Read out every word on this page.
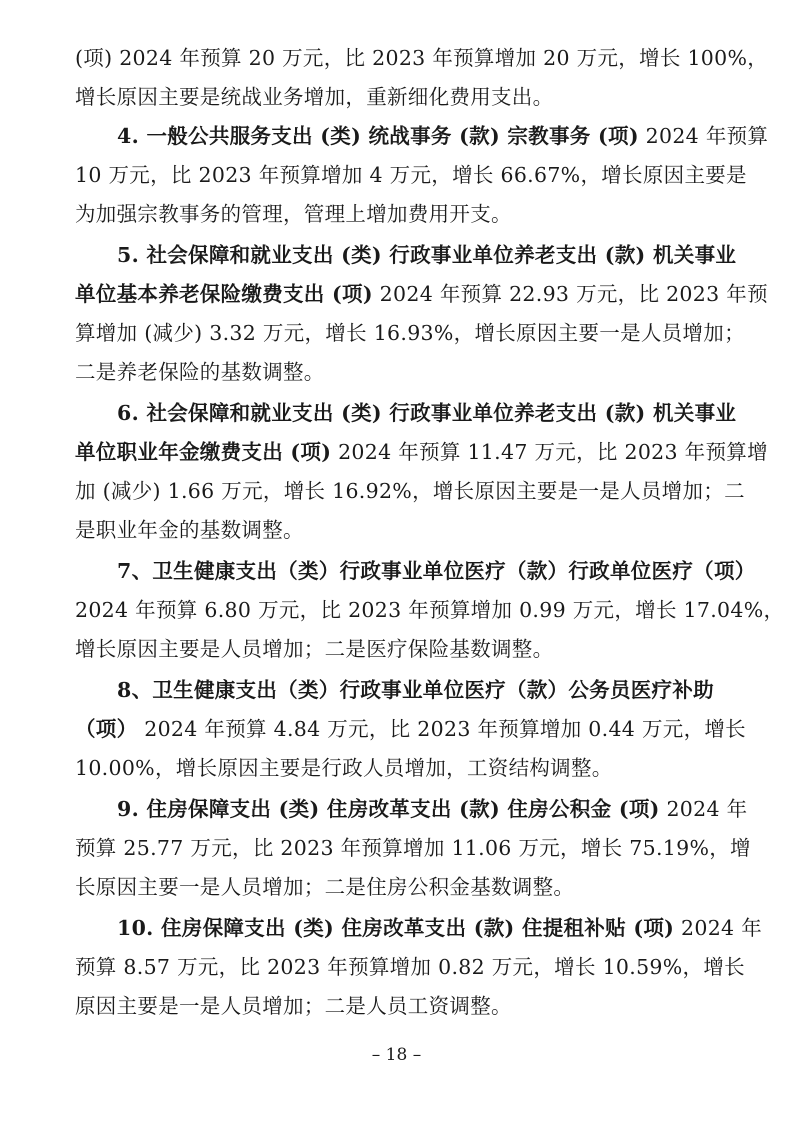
(项) 2024 年预算 20 万元，比 2023 年预算增加 20 万元，增长 100%，
增长原因主要是统战业务增加，重新细化费用支出。
4. 一般公共服务支出 (类) 统战事务 (款) 宗教事务 (项) 2024 年预算
10 万元，比 2023 年预算增加 4 万元，增长 66.67%，增长原因主要是
为加强宗教事务的管理，管理上增加费用开支。
5. 社会保障和就业支出 (类) 行政事业单位养老支出 (款) 机关事业
单位基本养老保险缴费支出 (项) 2024 年预算 22.93 万元，比 2023 年预
算增加 (减少) 3.32 万元，增长 16.93%，增长原因主要一是人员增加；
二是养老保险的基数调整。
6. 社会保障和就业支出 (类) 行政事业单位养老支出 (款) 机关事业
单位职业年金缴费支出 (项) 2024 年预算 11.47 万元，比 2023 年预算增
加 (减少) 1.66 万元，增长 16.92%，增长原因主要是一是人员增加；二
是职业年金的基数调整。
7、卫生健康支出（类）行政事业单位医疗（款）行政单位医疗（项）
2024 年预算 6.80 万元，比 2023 年预算增加 0.99 万元，增长 17.04%，
增长原因主要是人员增加；二是医疗保险基数调整。
8、卫生健康支出（类）行政事业单位医疗（款）公务员医疗补助
（项） 2024 年预算 4.84 万元，比 2023 年预算增加 0.44 万元，增长
10.00%，增长原因主要是行政人员增加，工资结构调整。
9. 住房保障支出 (类) 住房改革支出 (款) 住房公积金 (项) 2024 年
预算 25.77 万元，比 2023 年预算增加 11.06 万元，增长 75.19%，增
长原因主要一是人员增加；二是住房公积金基数调整。
10. 住房保障支出 (类) 住房改革支出 (款) 住提租补贴 (项) 2024 年
预算 8.57 万元，比 2023 年预算增加 0.82 万元，增长 10.59%，增长
原因主要是一是人员增加；二是人员工资调整。
– 18 –
